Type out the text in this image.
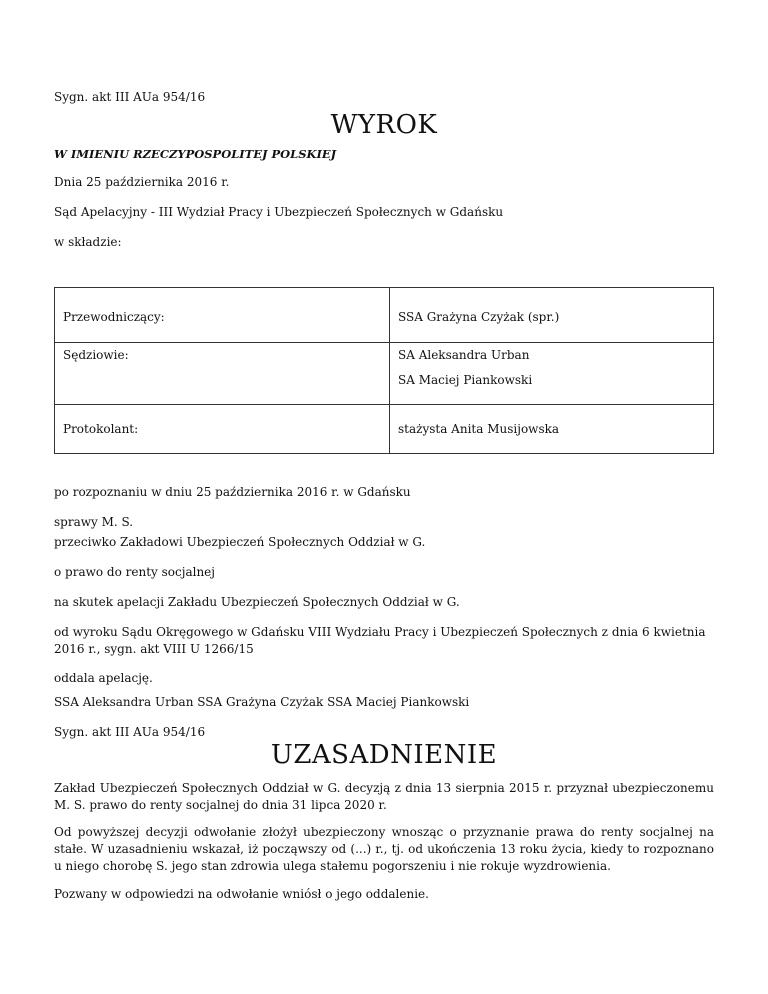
Sygn. akt III AUa 954/16

WYROK

W IMIENIU RZECZYPOSPOLITEJ POLSKIEJ

Dnia 25 października 2016 r.

Sąd Apelacyjny - III Wydział Pracy i Ubezpieczeń Społecznych w Gdańsku

w składzie:

Przewodniczący:	SSA Grażyna Czyżak (spr.)

Sędziowie:	SA Aleksandra Urban
SA Maciej Piankowski

Protokolant:	stażysta Anita Musijowska

po rozpoznaniu w dniu 25 października 2016 r. w Gdańsku

sprawy M. S.

przeciwko Zakładowi Ubezpieczeń Społecznych Oddział w G.

o prawo do renty socjalnej

na skutek apelacji Zakładu Ubezpieczeń Społecznych Oddział w G.

od wyroku Sądu Okręgowego w Gdańsku VIII Wydziału Pracy i Ubezpieczeń Społecznych z dnia 6 kwietnia 2016 r., sygn. akt VIII U 1266/15

oddala apelację.

SSA Aleksandra Urban SSA Grażyna Czyżak SSA Maciej Piankowski

Sygn. akt III AUa 954/16

UZASADNIENIE

Zakład Ubezpieczeń Społecznych Oddział w G. decyzją z dnia 13 sierpnia 2015 r. przyznał ubezpieczonemu M. S. prawo do renty socjalnej do dnia 31 lipca 2020 r.

Od powyższej decyzji odwołanie złożył ubezpieczony wnosząc o przyznanie prawa do renty socjalnej na stałe. W uzasadnieniu wskazał, iż począwszy od (...) r., tj. od ukończenia 13 roku życia, kiedy to rozpoznano u niego chorobę S. jego stan zdrowia ulega stałemu pogorszeniu i nie rokuje wyzdrowienia.

Pozwany w odpowiedzi na odwołanie wniósł o jego oddalenie.
